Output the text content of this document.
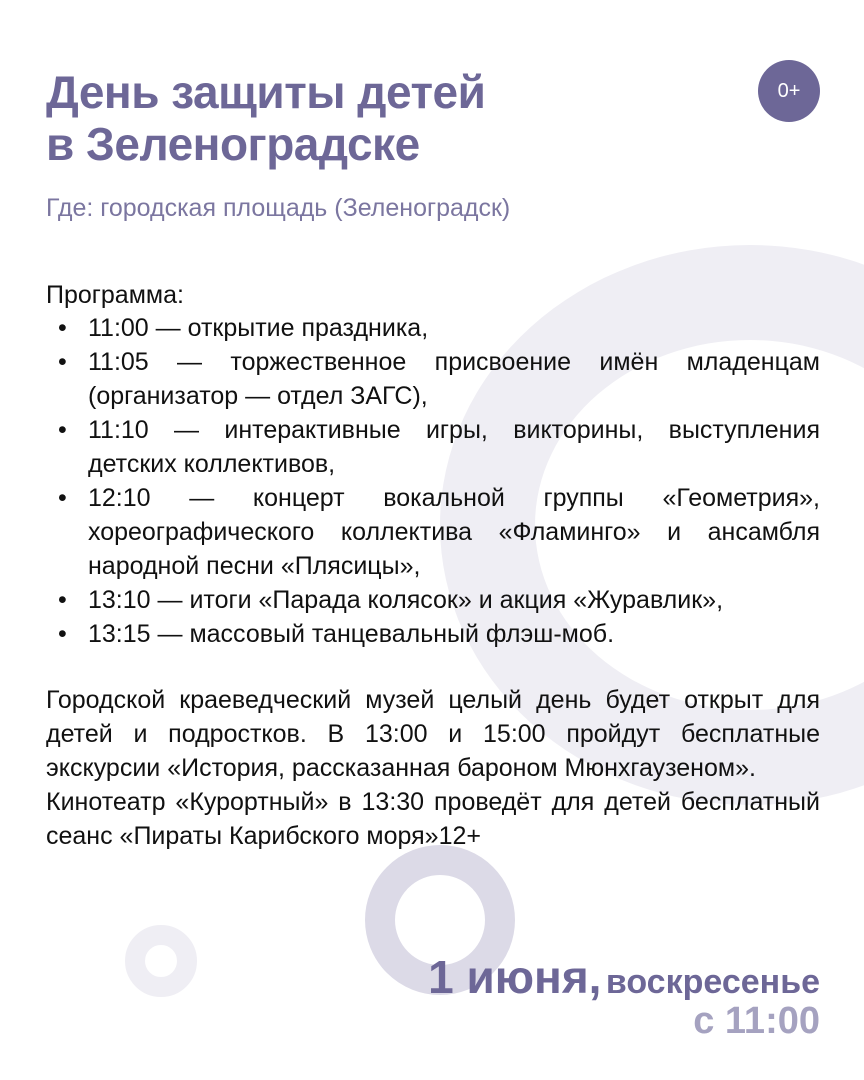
День защиты детей
в Зеленоградске
0+
Где: городская площадь (Зеленоградск)
Программа:
• 11:00 — открытие праздника,
• 11:05 — торжественное присвоение имён младенцам (организатор — отдел ЗАГС),
• 11:10 — интерактивные игры, викторины, выступления детских коллективов,
• 12:10 — концерт вокальной группы «Геометрия», хореографического коллектива «Фламинго» и ансамбля народной песни «Плясицы»,
• 13:10 — итоги «Парада колясок» и акция «Журавлик»,
• 13:15 — массовый танцевальный флэш-моб.

Городской краеведческий музей целый день будет открыт для детей и подростков. В 13:00 и 15:00 пройдут бесплатные экскурсии «История, рассказанная бароном Мюнхгаузеном».

Кинотеатр «Курортный» в 13:30 проведёт для детей бесплатный сеанс «Пираты Карибского моря»12+

1 июня, воскресенье
с 11:00
